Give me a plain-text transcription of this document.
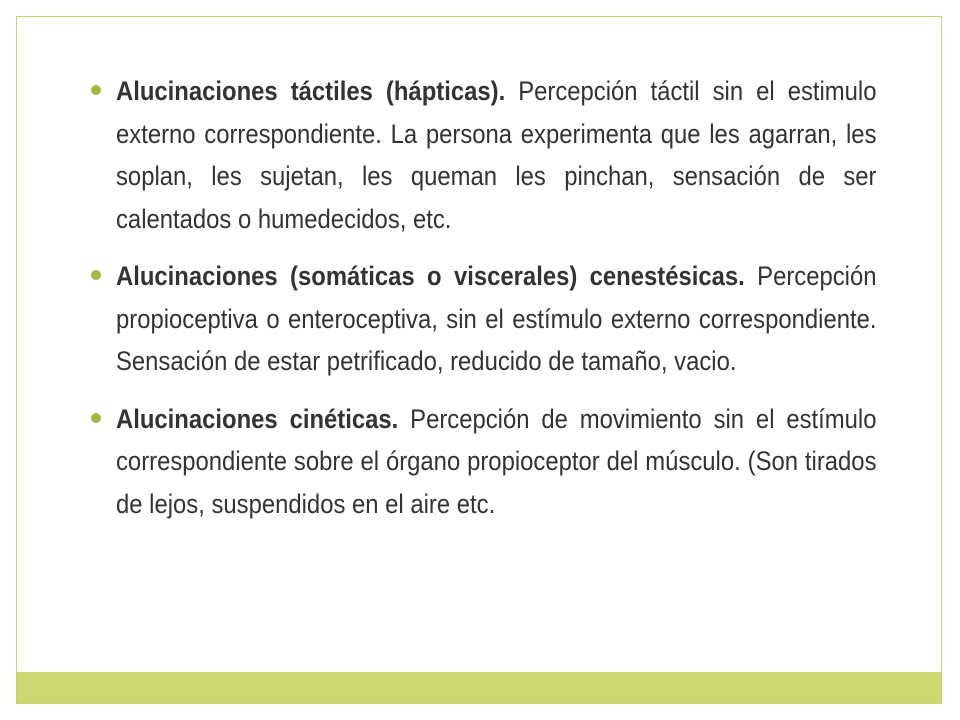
Alucinaciones táctiles (hápticas). Percepción táctil sin el estimulo externo correspondiente. La persona experimenta que les agarran, les soplan, les sujetan, les queman les pinchan, sensación de ser calentados o humedecidos, etc.

Alucinaciones (somáticas o viscerales) cenestésicas. Percepción propioceptiva o enteroceptiva, sin el estímulo externo correspondiente. Sensación de estar petrificado, reducido de tamaño, vacio.

Alucinaciones cinéticas. Percepción de movimiento sin el estímulo correspondiente sobre el órgano propioceptor del músculo. (Son tirados de lejos, suspendidos en el aire etc.
